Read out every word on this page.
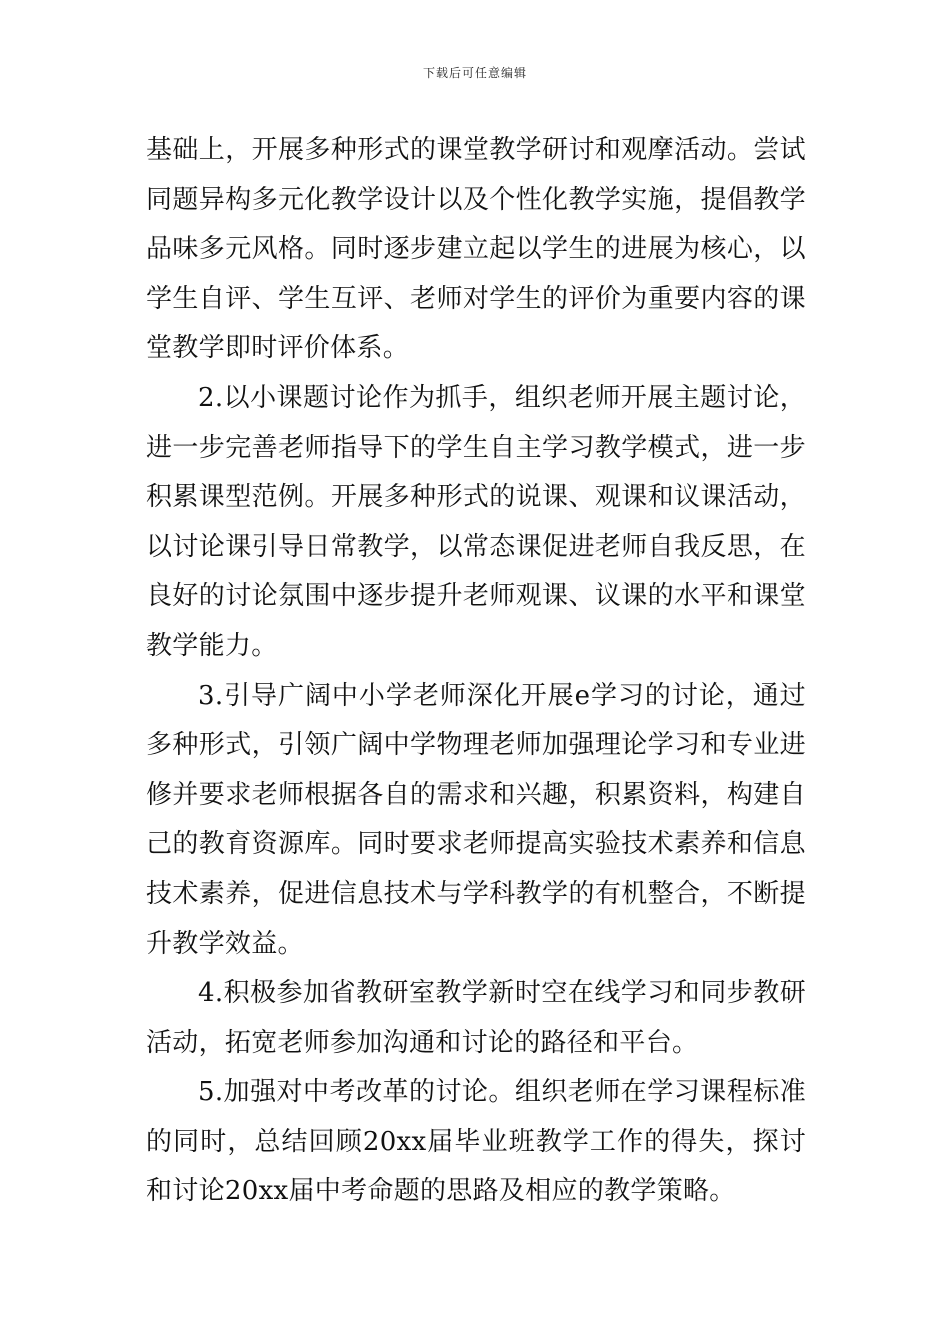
下载后可任意编辑

基础上，开展多种形式的课堂教学研讨和观摩活动。尝试同题异构多元化教学设计以及个性化教学实施，提倡教学品味多元风格。同时逐步建立起以学生的进展为核心，以学生自评、学生互评、老师对学生的评价为重要内容的课堂教学即时评价体系。

2.以小课题讨论作为抓手，组织老师开展主题讨论，进一步完善老师指导下的学生自主学习教学模式，进一步积累课型范例。开展多种形式的说课、观课和议课活动，以讨论课引导日常教学，以常态课促进老师自我反思，在良好的讨论氛围中逐步提升老师观课、议课的水平和课堂教学能力。

3.引导广阔中小学老师深化开展e学习的讨论，通过多种形式，引领广阔中学物理老师加强理论学习和专业进修并要求老师根据各自的需求和兴趣，积累资料，构建自己的教育资源库。同时要求老师提高实验技术素养和信息技术素养，促进信息技术与学科教学的有机整合，不断提升教学效益。

4.积极参加省教研室教学新时空在线学习和同步教研活动，拓宽老师参加沟通和讨论的路径和平台。

5.加强对中考改革的讨论。组织老师在学习课程标准的同时，总结回顾20xx届毕业班教学工作的得失，探讨和讨论20xx届中考命题的思路及相应的教学策略。
